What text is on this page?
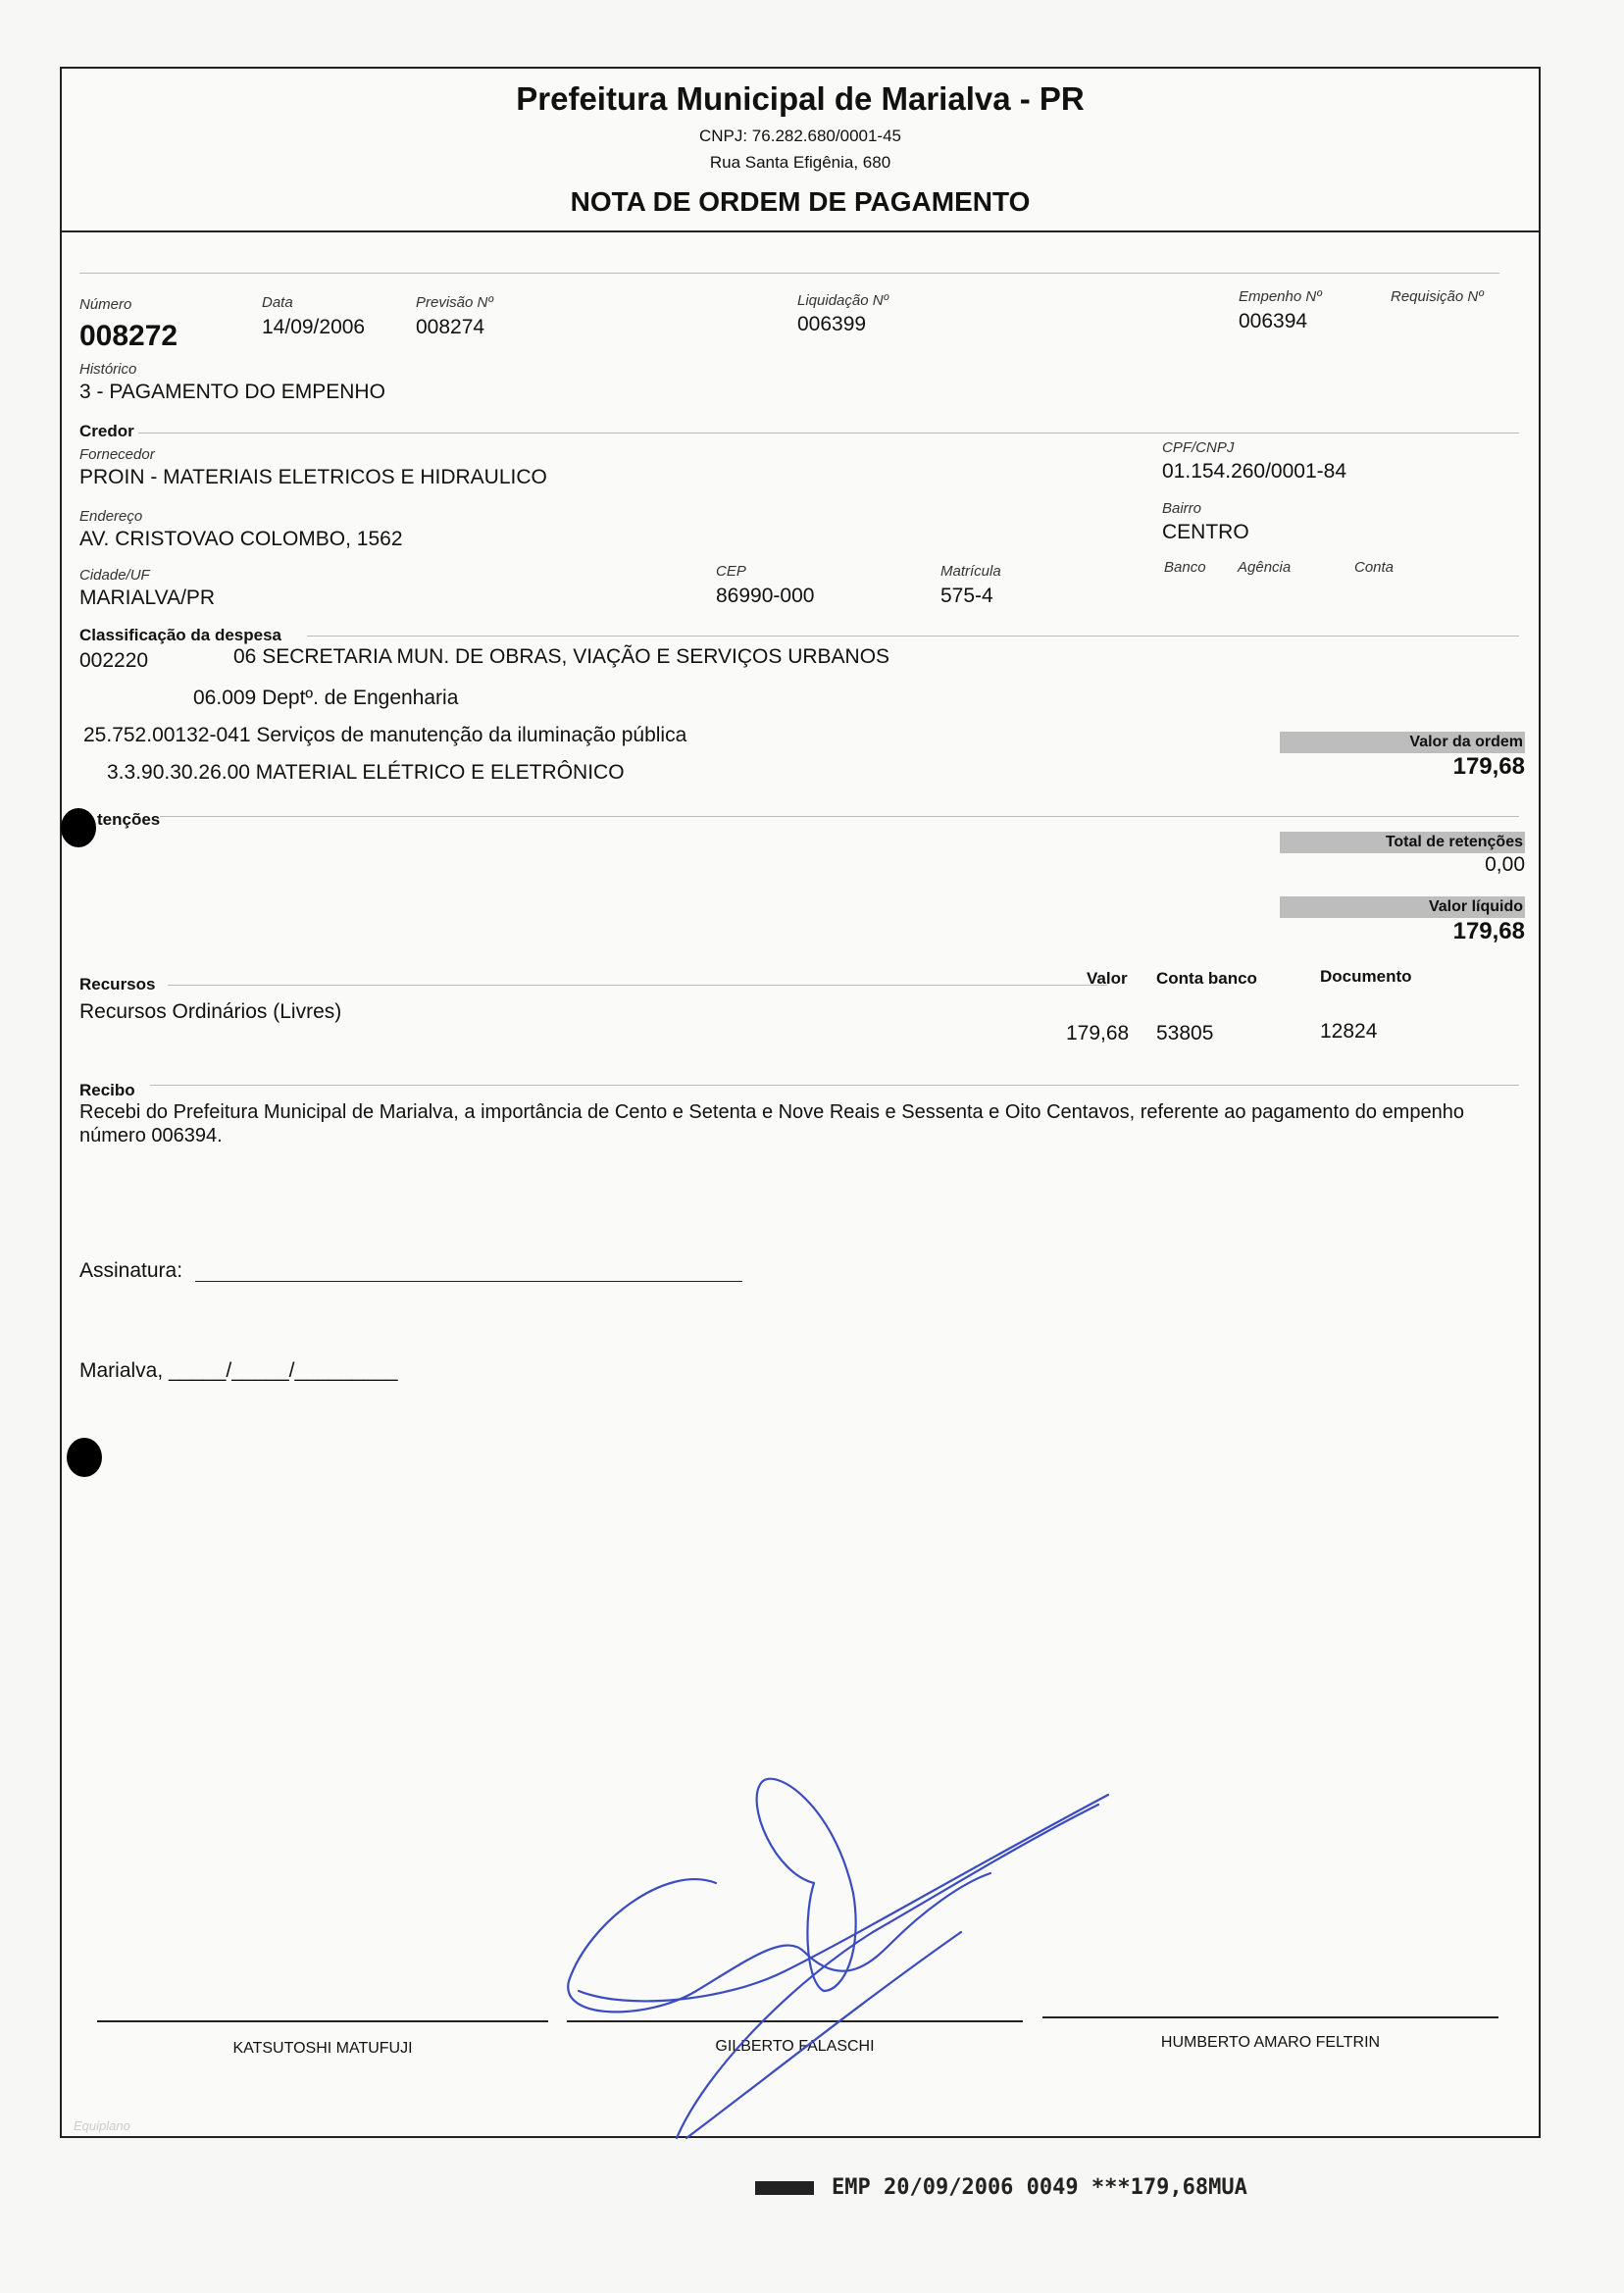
Prefeitura Municipal de Marialva - PR
CNPJ: 76.282.680/0001-45
Rua Santa Efigênia, 680
NOTA DE ORDEM DE PAGAMENTO
Número
008272
Data
14/09/2006
Previsão Nº
008274
Liquidação Nº
006399
Empenho Nº
006394
Requisição Nº
Histórico
3 - PAGAMENTO DO EMPENHO
Credor
Fornecedor
PROIN - MATERIAIS ELETRICOS E HIDRAULICO
CPF/CNPJ
01.154.260/0001-84
Endereço
AV. CRISTOVAO COLOMBO, 1562
Bairro
CENTRO
Cidade/UF
MARIALVA/PR
CEP
86990-000
Matrícula
575-4
Banco Agência	Conta
Classificação da despesa
002220	06 SECRETARIA MUN. DE OBRAS, VIAÇÃO E SERVIÇOS URBANOS
06.009 Deptº. de Engenharia
25.752.00132-041 Serviços de manutenção da iluminação pública
3.3.90.30.26.00 MATERIAL ELÉTRICO E ELETRÔNICO
Valor da ordem
179,68
tenções
Total de retenções
0,00
Valor líquido
179,68
Recursos	Valor Conta banco	Documento
Recursos Ordinários (Livres)
179,68 53805	12824
Recibo
Recebi do Prefeitura Municipal de Marialva, a importância de Cento e Setenta e Nove Reais e Sessenta e Oito Centavos, referente ao pagamento do empenho número 006394.
Assinatura:
Marialva, _____/_____/_________
KATSUTOSHI MATUFUJI	GILBERTO FALASCHI	HUMBERTO AMARO FELTRIN
Equiplano
EMP 20/09/2006 0049 ***179,68MUA
